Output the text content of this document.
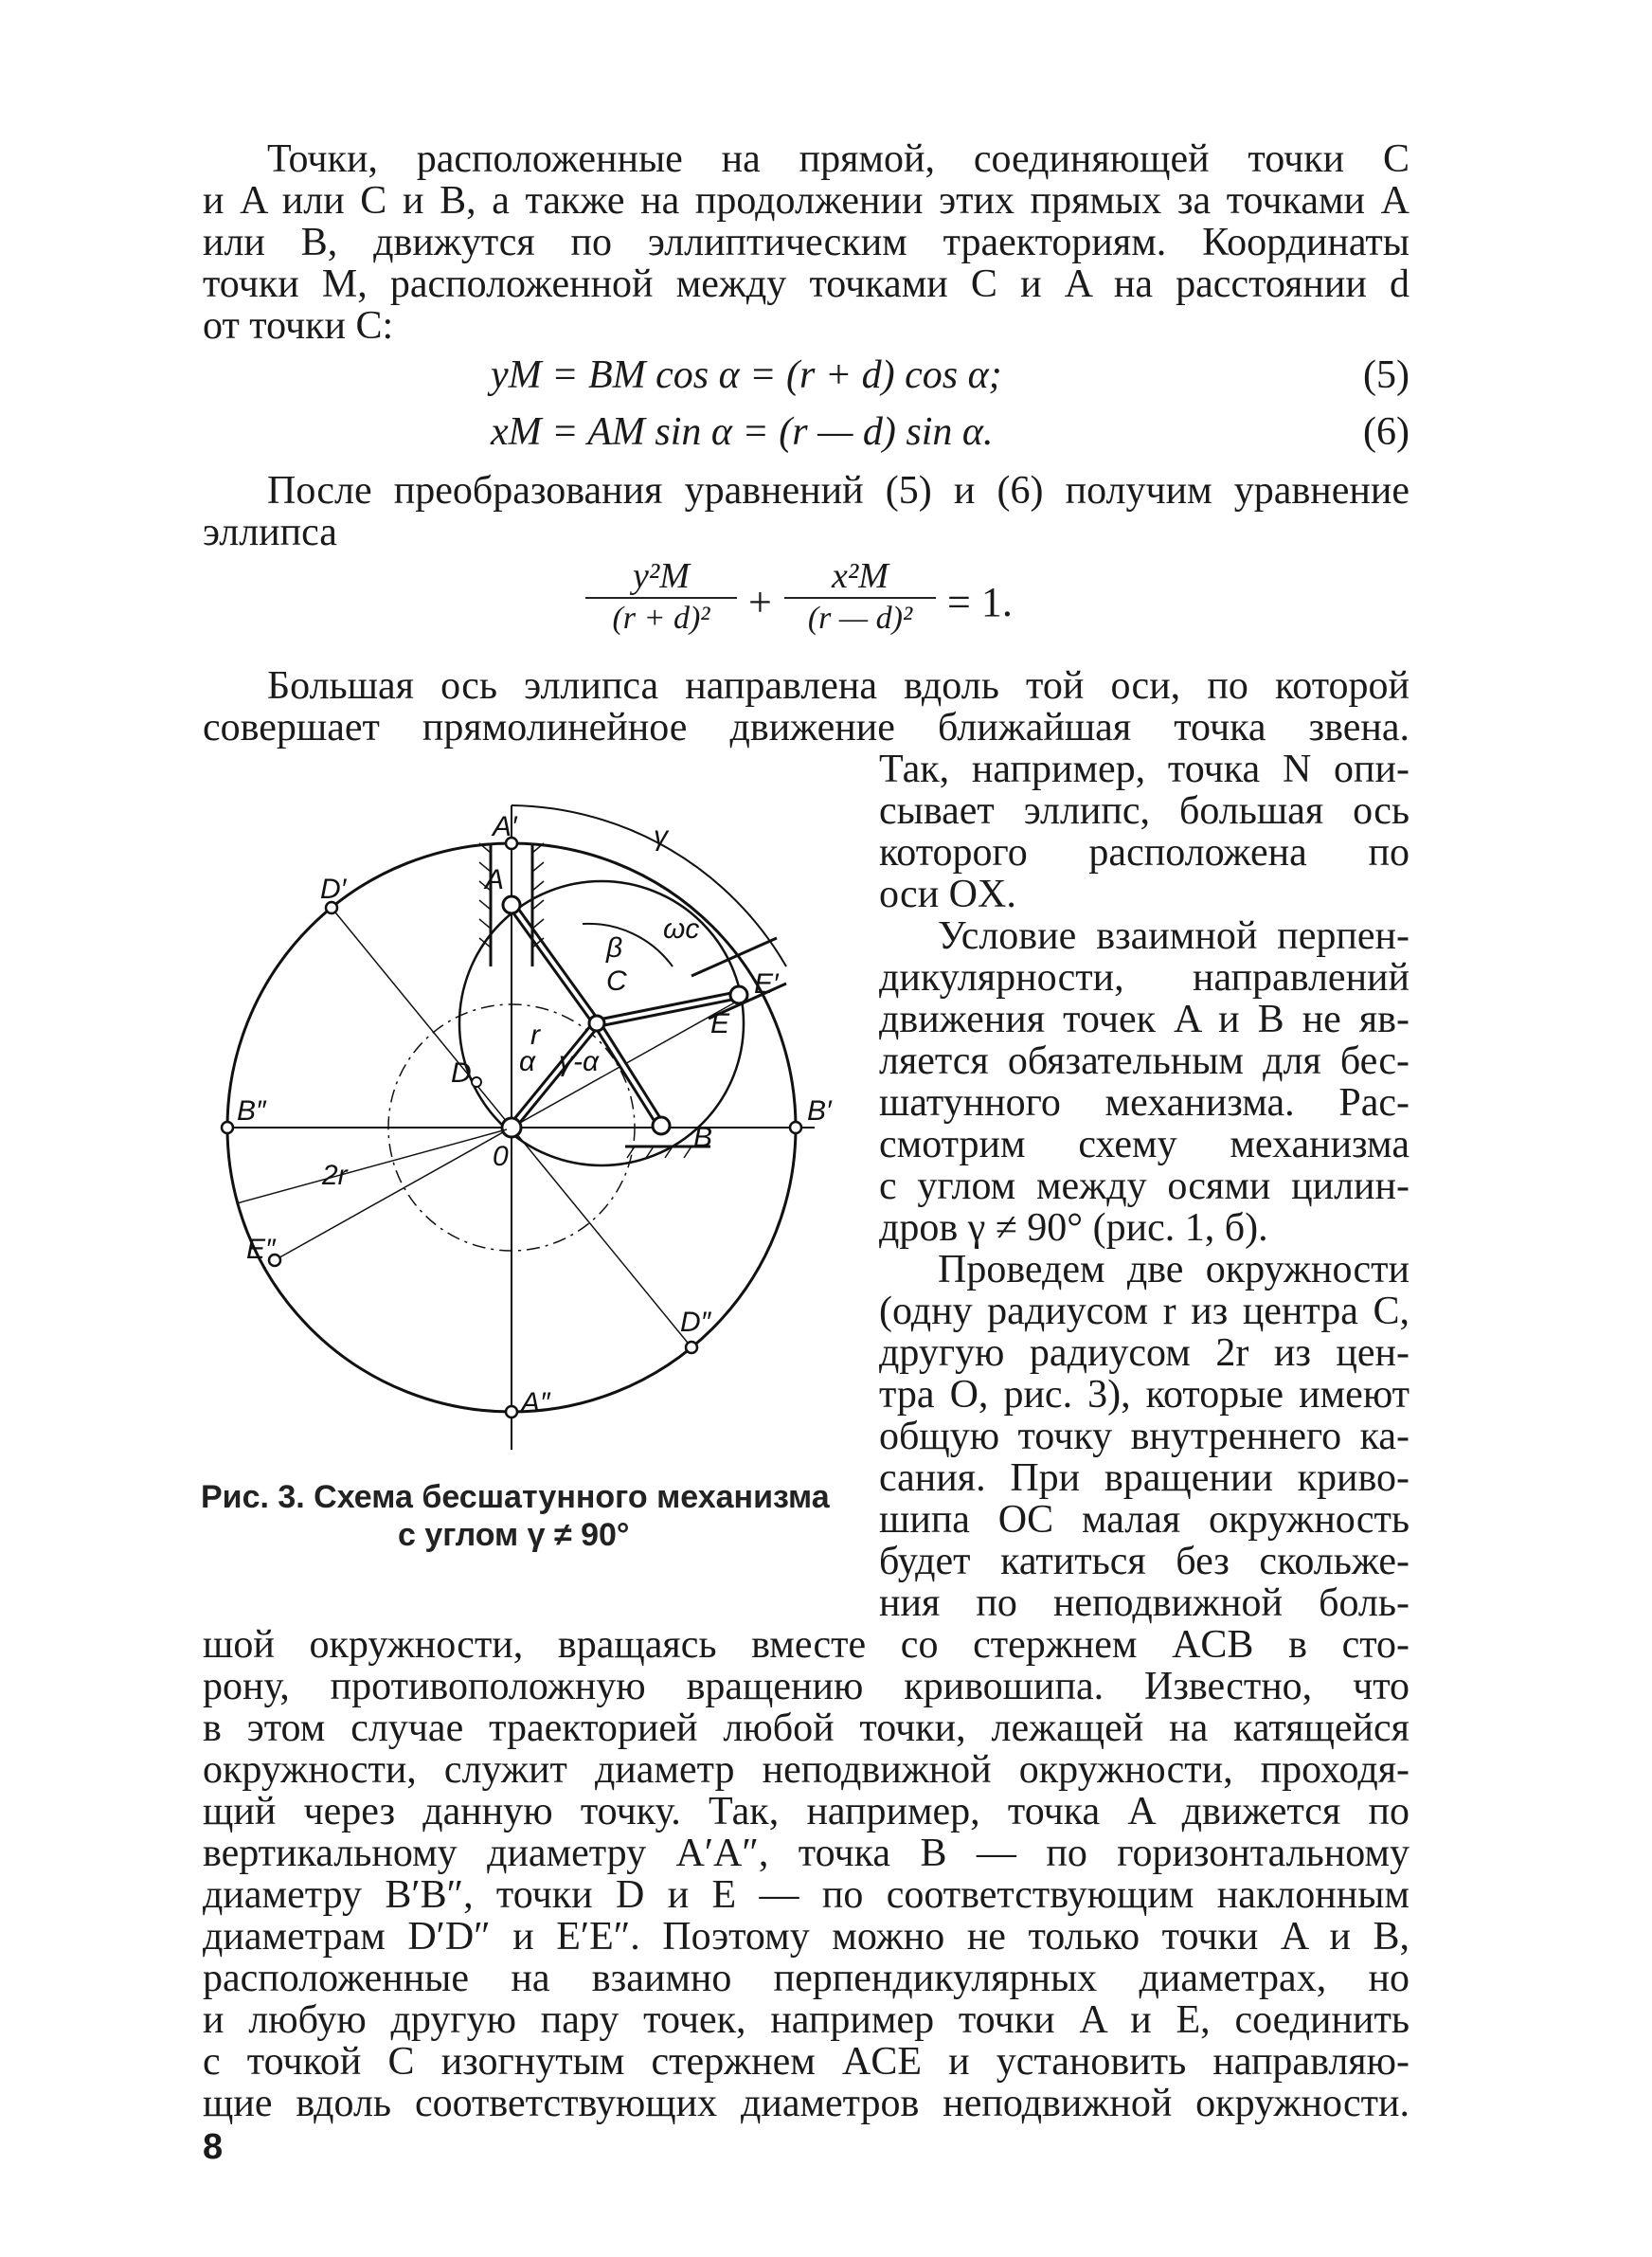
Точки, расположенные на прямой, соединяющей точки C
и A или C и B, а также на продолжении этих прямых за точками A
или B, движутся по эллиптическим траекториям. Координаты
точки M, расположенной между точками C и A на расстоянии d
от точки C:
yM = BM cos α = (r + d) cos α;	(5)
xM = AM sin α = (r — d) sin α.	(6)
После преобразования уравнений (5) и (6) получим уравнение
эллипса
y²M
(r + d)² +
x²M
(r — d)² = 1.
Большая ось эллипса направлена вдоль той оси, по которой
совершает прямолинейное движение ближайшая точка звена.
Так, например, точка N опи-
сывает эллипс, большая ось
которого расположена по
оси OX.
Условие взаимной перпен-
дикулярности, направлений
движения точек A и B не яв-
ляется обязательным для бес-
шатунного механизма. Рас-
смотрим схему механизма
с углом между осями цилин-
дров γ ≠ 90° (рис. 1, б).
Проведем две окружности
(одну радиусом r из центра C,
другую радиусом 2r из цен-
тра O, рис. 3), которые имеют
общую точку внутреннего ка-
сания. При вращении криво-
шипа OC малая окружность
будет катиться без скольже-
ния по неподвижной боль-
A′
A
A″
B′
B
B″
D′
D
D″
E′
E
E″
C
0
r
2r
α
β
γ
γ-α
ωc
Рис. 3. Схема бесшатунного механизма
с углом γ ≠ 90°
шой окружности, вращаясь вместе со стержнем ACB в сто-
рону, противоположную вращению кривошипа. Известно, что
в этом случае траекторией любой точки, лежащей на катящейся
окружности, служит диаметр неподвижной окружности, проходя-
щий через данную точку. Так, например, точка A движется по
вертикальному диаметру A′A″, точка B — по горизонтальному
диаметру B′B″, точки D и E — по соответствующим наклонным
диаметрам D′D″ и E′E″. Поэтому можно не только точки A и B,
расположенные на взаимно перпендикулярных диаметрах, но
и любую другую пару точек, например точки A и E, соединить
с точкой C изогнутым стержнем ACE и установить направляю-
щие вдоль соответствующих диаметров неподвижной окружности.
8
